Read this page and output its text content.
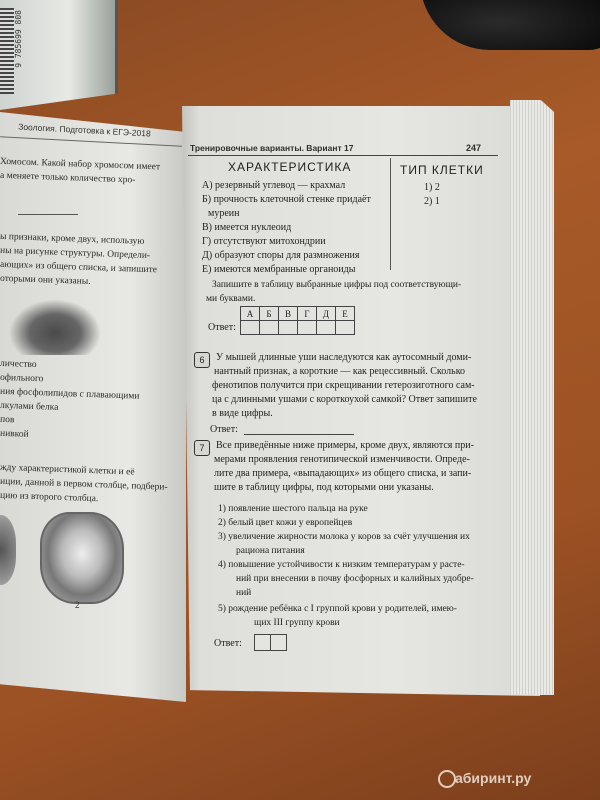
9 785699 808
Зоология. Подготовка к ЕГЭ-2018
Хомосом. Какой набор хромосом имеет
а меняете только количество хро-
ы признаки, кроме двух, использую
ны на рисунке структуры. Определи-
ающих» из общего списка, и запишите
оторыми они указаны.
личество
офильного
ния фосфолипидов с плавающими
лкулами белка
пов
нивкой
жду характеристикой клетки и её
иции, данной в первом столбце, подбери-
цию из второго столбца.
2
Тренировочные варианты. Вариант 17	247
ХАРАКТЕРИСТИКА	ТИП КЛЕТКИ
А) резервный углевод — крахмал
Б) прочность клеточной стенке придаёт
муреин
В) имеется нуклеоид
Г) отсутствуют митохондрии
Д) образуют споры для размножения
Е) имеются мембранные органоиды
1) 2
2) 1
Запишите в таблицу выбранные цифры под соответствующи-
ми буквами.
Ответ:
А	Б	В	Г	Д	Е

6	У мышей длинные уши наследуются как аутосомный доми-
нантный признак, а короткие — как рецессивный. Сколько
фенотипов получится при скрещивании гетерозиготного сам-
ца с длинными ушами с короткоухой самкой? Ответ запишите
в виде цифры.
Ответ:
7	Все приведённые ниже примеры, кроме двух, являются при-
мерами проявления генотипической изменчивости. Опреде-
лите два примера, «выпадающих» из общего списка, и запи-
шите в таблицу цифры, под которыми они указаны.
1) появление шестого пальца на руке
2) белый цвет кожи у европейцев
3) увеличение жирности молока у коров за счёт улучшения их
рациона питания
4) повышение устойчивости к низким температурам у расте-
ний при внесении в почву фосфорных и калийных удобре-
ний
5) рождение ребёнка с I группой крови у родителей, имею-
щих III группу крови
Ответ:
абиринт.ру
